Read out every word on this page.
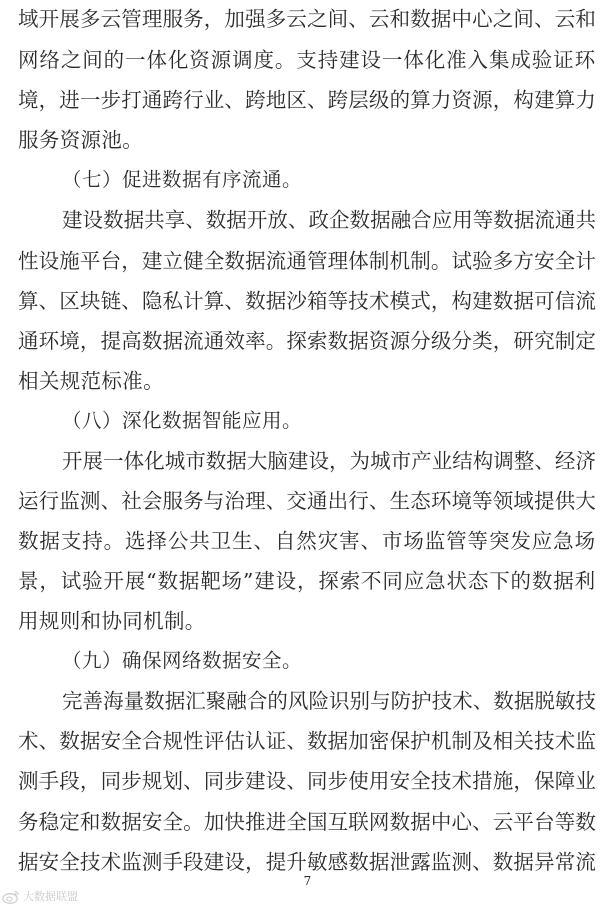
域开展多云管理服务，加强多云之间、云和数据中心之间、云和
网络之间的一体化资源调度。支持建设一体化准入集成验证环
境，进一步打通跨行业、跨地区、跨层级的算力资源，构建算力
服务资源池。
（七）促进数据有序流通。
建设数据共享、数据开放、政企数据融合应用等数据流通共
性设施平台，建立健全数据流通管理体制机制。试验多方安全计
算、区块链、隐私计算、数据沙箱等技术模式，构建数据可信流
通环境，提高数据流通效率。探索数据资源分级分类，研究制定
相关规范标准。
（八）深化数据智能应用。
开展一体化城市数据大脑建设，为城市产业结构调整、经济
运行监测、社会服务与治理、交通出行、生态环境等领域提供大
数据支持。选择公共卫生、自然灾害、市场监管等突发应急场
景，试验开展“数据靶场”建设，探索不同应急状态下的数据利
用规则和协同机制。
（九）确保网络数据安全。
完善海量数据汇聚融合的风险识别与防护技术、数据脱敏技
术、数据安全合规性评估认证、数据加密保护机制及相关技术监
测手段，同步规划、同步建设、同步使用安全技术措施，保障业
务稳定和数据安全。加快推进全国互联网数据中心、云平台等数
据安全技术监测手段建设，提升敏感数据泄露监测、数据异常流
7
大数据联盟
